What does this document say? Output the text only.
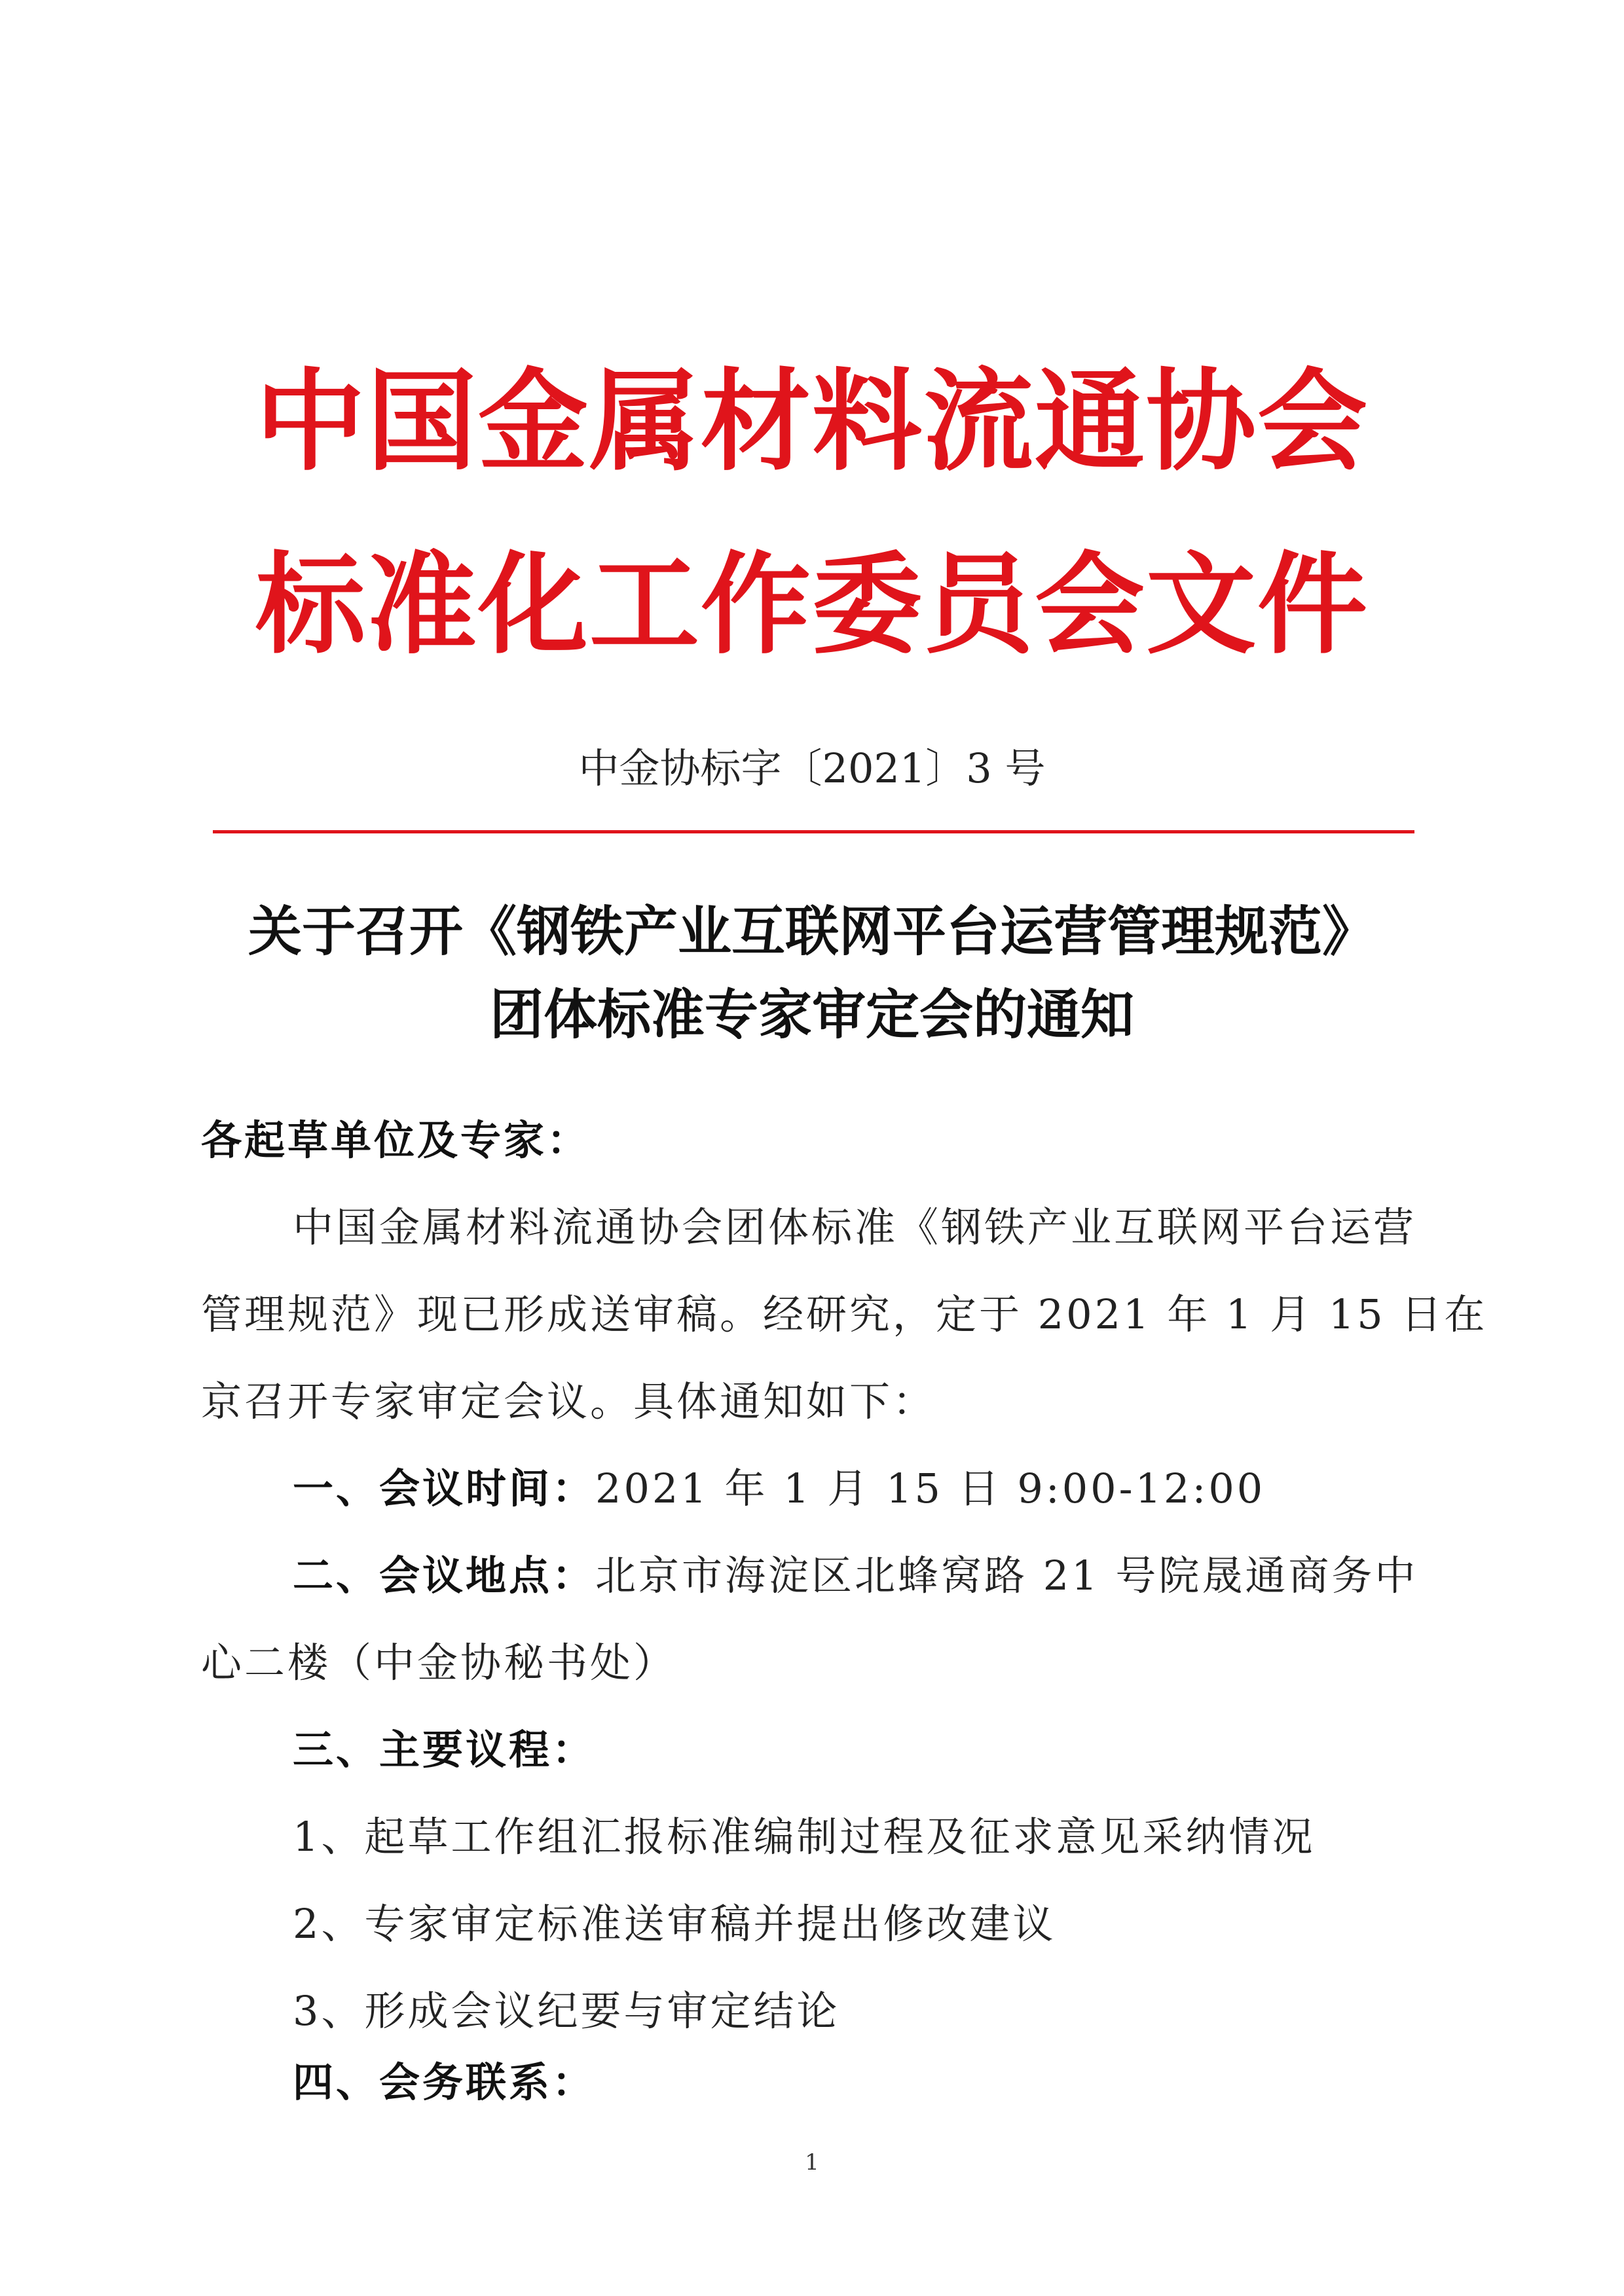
中国金属材料流通协会
标准化工作委员会文件
中金协标字〔2021〕3 号
关于召开《钢铁产业互联网平台运营管理规范》
团体标准专家审定会的通知
各起草单位及专家：
中国金属材料流通协会团体标准《钢铁产业互联网平台运营
管理规范》现已形成送审稿。经研究，定于 2021 年 1 月 15 日在
京召开专家审定会议。具体通知如下：
一、会议时间：2021 年 1 月 15 日 9:00-12:00
二、会议地点：北京市海淀区北蜂窝路 21 号院晟通商务中
心二楼（中金协秘书处）
三、主要议程：
1、起草工作组汇报标准编制过程及征求意见采纳情况
2、专家审定标准送审稿并提出修改建议
3、形成会议纪要与审定结论
四、会务联系：
1
